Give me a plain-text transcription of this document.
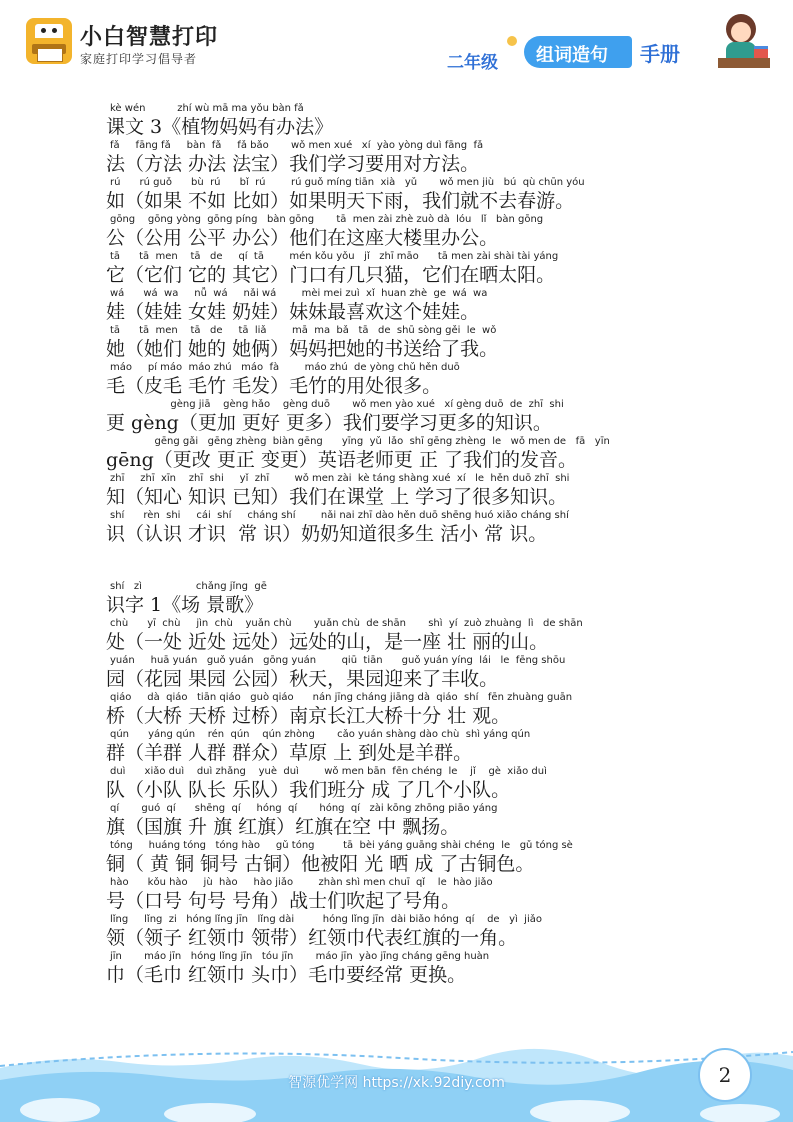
小白智慧打印
家庭打印学习倡导者	二年级 组词造句 手册
kè wén          zhí wù mā ma yǒu bàn fǎ
课文 3《植物妈妈有办法》
fǎ     fāng fǎ     bàn  fǎ     fǎ bǎo       wǒ men xué   xí  yào yòng duì fāng  fǎ
法（方法 办法 法宝）我们学习要用对方法。
rú      rú guǒ      bù  rú      bǐ  rú        rú guǒ míng tiān  xià   yǔ       wǒ men jiù   bú  qù chūn yóu
如（如果 不如 比如）如果明天下雨，我们就不去春游。
gōng    gōng yòng  gōng píng   bàn gōng       tā  men zài zhè zuò dà  lóu   lǐ   bàn gōng
公（公用 公平 办公）他们在这座大楼里办公。
tā      tā  men    tā   de     qí  tā        mén kǒu yǒu   jǐ   zhī māo      tā men zài shài tài yáng
它（它们 它的 其它）门口有几只猫，它们在晒太阳。
wá      wá  wa     nǚ  wá     nǎi wá        mèi mei zuì  xǐ  huan zhè  ge  wá  wa
娃（娃娃 女娃 奶娃）妹妹最喜欢这个娃娃。
tā      tā  men    tā   de     tā  liǎ        mā  ma  bǎ   tā   de  shū sòng gěi  le  wǒ
她（她们 她的 她俩）妈妈把她的书送给了我。
máo     pí máo  máo zhú   máo  fà        máo zhú  de yòng chǔ hěn duō
毛（皮毛 毛竹 毛发）毛竹的用处很多。
gèng jiā    gèng hǎo    gèng duō       wǒ men yào xué   xí gèng duō  de  zhī  shi
更 gèng（更加 更好 更多）我们要学习更多的知识。
gēng gǎi   gēng zhèng  biàn gēng      yīng  yǔ  lǎo  shī gēng zhèng  le   wǒ men de   fā   yīn
gēng（更改 更正 变更）英语老师更 正 了我们的发音。
zhī     zhī  xīn    zhī  shi     yǐ  zhī        wǒ men zài  kè táng shàng xué  xí   le  hěn duō zhī  shi
知（知心 知识 已知）我们在课堂 上 学习了很多知识。
shí      rèn  shi     cái  shí     cháng shí        nǎi nai zhī dào hěn duō shēng huó xiǎo cháng shí
识（认识 才识  常 识）奶奶知道很多生 活小 常 识。
shí   zì                 chǎng jǐng  gē
识字 1《场 景歌》
chù      yī  chù     jìn  chù    yuǎn chù       yuǎn chù  de shān       shì  yí  zuò zhuàng  lì   de shān
处（一处 近处 远处）远处的山，是一座 壮 丽的山。
yuán     huā yuán   guǒ yuán   gōng yuán        qiū  tiān      guǒ yuán yíng  lái   le  fēng shōu
园（花园 果园 公园）秋天，果园迎来了丰收。
qiáo     dà  qiáo   tiān qiáo   guò qiáo      nán jīng cháng jiāng dà  qiáo  shí   fēn zhuàng guān
桥（大桥 天桥 过桥）南京长江大桥十分 壮 观。
qún      yáng qún    rén  qún    qún zhòng       cǎo yuán shàng dào chù  shì yáng qún
群（羊群 人群 群众）草原 上 到处是羊群。
duì      xiǎo duì    duì zhǎng    yuè  duì        wǒ men bān  fēn chéng  le    jǐ    gè  xiǎo duì
队（小队 队长 乐队）我们班分 成 了几个小队。
qí       guó  qí      shēng  qí     hóng  qí       hóng  qí   zài kōng zhōng piāo yáng
旗（国旗 升 旗 红旗）红旗在空 中 飘扬。
tóng     huáng tóng   tóng hào     gǔ tóng         tā  bèi yáng guāng shài chéng  le   gǔ tóng sè
铜（ 黄 铜 铜号 古铜）他被阳 光 晒 成 了古铜色。
hào      kǒu hào     jù  hào     hào jiǎo        zhàn shì men chuī  qǐ    le  hào jiǎo
号（口号 句号 号角）战士们吹起了号角。
lǐng     lǐng  zi   hóng lǐng jīn   lǐng dài         hóng lǐng jīn  dài biǎo hóng  qí    de   yì  jiǎo
领（领子 红领巾 领带）红领巾代表红旗的一角。
jīn       máo jīn   hóng lǐng jīn   tóu jīn       máo jīn  yào jīng cháng gēng huàn
巾（毛巾 红领巾 头巾）毛巾要经常 更换。
智源优学网 https://xk.92diy.com	2
